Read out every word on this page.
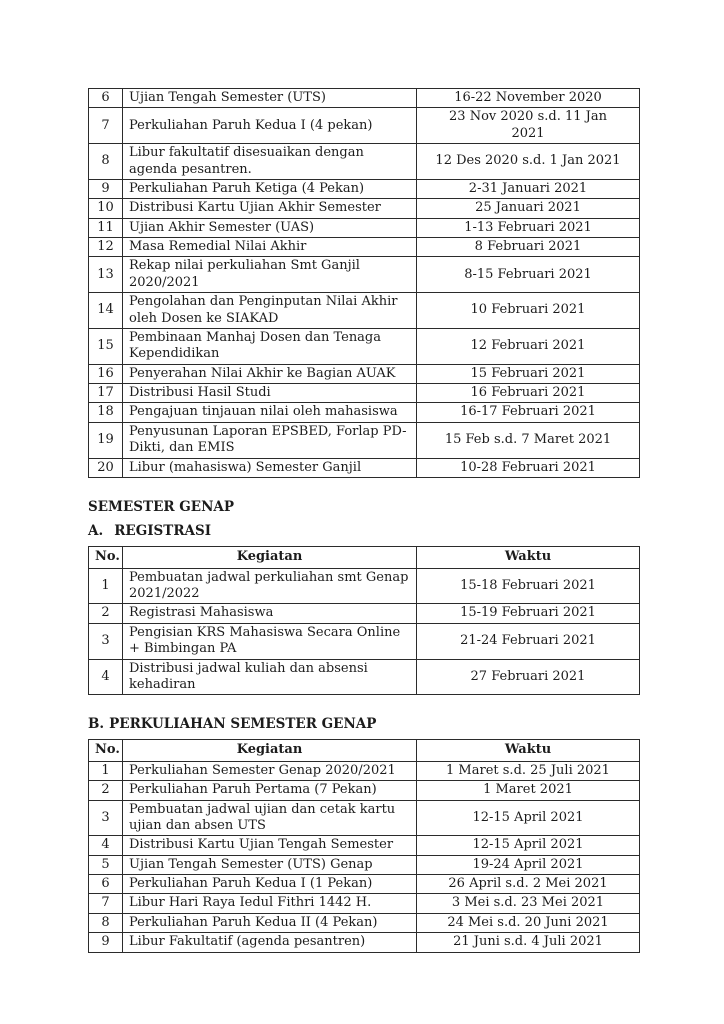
6	Ujian Tengah Semester (UTS)	16-22 November 2020
7	Perkuliahan Paruh Kedua I (4 pekan)	23 Nov 2020 s.d. 11 Jan 2021

8	Libur fakultatif disesuaikan dengan agenda pesantren.	12 Des 2020 s.d. 1 Jan 2021
9	Perkuliahan Paruh Ketiga (4 Pekan)	2-31 Januari 2021
10	Distribusi Kartu Ujian Akhir Semester	25 Januari 2021
11	Ujian Akhir Semester (UAS)	1-13 Februari 2021
12	Masa Remedial Nilai Akhir	8 Februari 2021
13	Rekap nilai perkuliahan Smt Ganjil 2020/2021	8-15 Februari 2021
14	Pengolahan dan Penginputan Nilai Akhir oleh Dosen ke SIAKAD	10 Februari 2021
15	Pembinaan Manhaj Dosen dan Tenaga Kependidikan	12 Februari 2021
16	Penyerahan Nilai Akhir ke Bagian AUAK	15 Februari 2021
17	Distribusi Hasil Studi	16 Februari 2021
18	Pengajuan tinjauan nilai oleh mahasiswa	16-17 Februari 2021
19	Penyusunan Laporan EPSBED, Forlap PD-Dikti, dan EMIS	15 Feb s.d. 7 Maret 2021
20	Libur (mahasiswa) Semester Ganjil	10-28 Februari 2021

SEMESTER GENAP

A. REGISTRASI

No.	Kegiatan	Waktu
1	Pembuatan jadwal perkuliahan smt Genap 2021/2022	15-18 Februari 2021
2	Registrasi Mahasiswa	15-19 Februari 2021
3	Pengisian KRS Mahasiswa Secara Online + Bimbingan PA	21-24 Februari 2021
4	Distribusi jadwal kuliah dan absensi kehadiran	27 Februari 2021

B. PERKULIAHAN SEMESTER GENAP

No.	Kegiatan	Waktu
1	Perkuliahan Semester Genap 2020/2021	1 Maret s.d. 25 Juli 2021
2	Perkuliahan Paruh Pertama (7 Pekan)	1 Maret 2021
3	Pembuatan jadwal ujian dan cetak kartu ujian dan absen UTS	12-15 April 2021
4	Distribusi Kartu Ujian Tengah Semester	12-15 April 2021
5	Ujian Tengah Semester (UTS) Genap	19-24 April 2021
6	Perkuliahan Paruh Kedua I (1 Pekan)	26 April s.d. 2 Mei 2021
7	Libur Hari Raya Iedul Fithri 1442 H.	3 Mei s.d. 23 Mei 2021
8	Perkuliahan Paruh Kedua II (4 Pekan)	24 Mei s.d. 20 Juni 2021
9	Libur Fakultatif (agenda pesantren)	21 Juni s.d. 4 Juli 2021
